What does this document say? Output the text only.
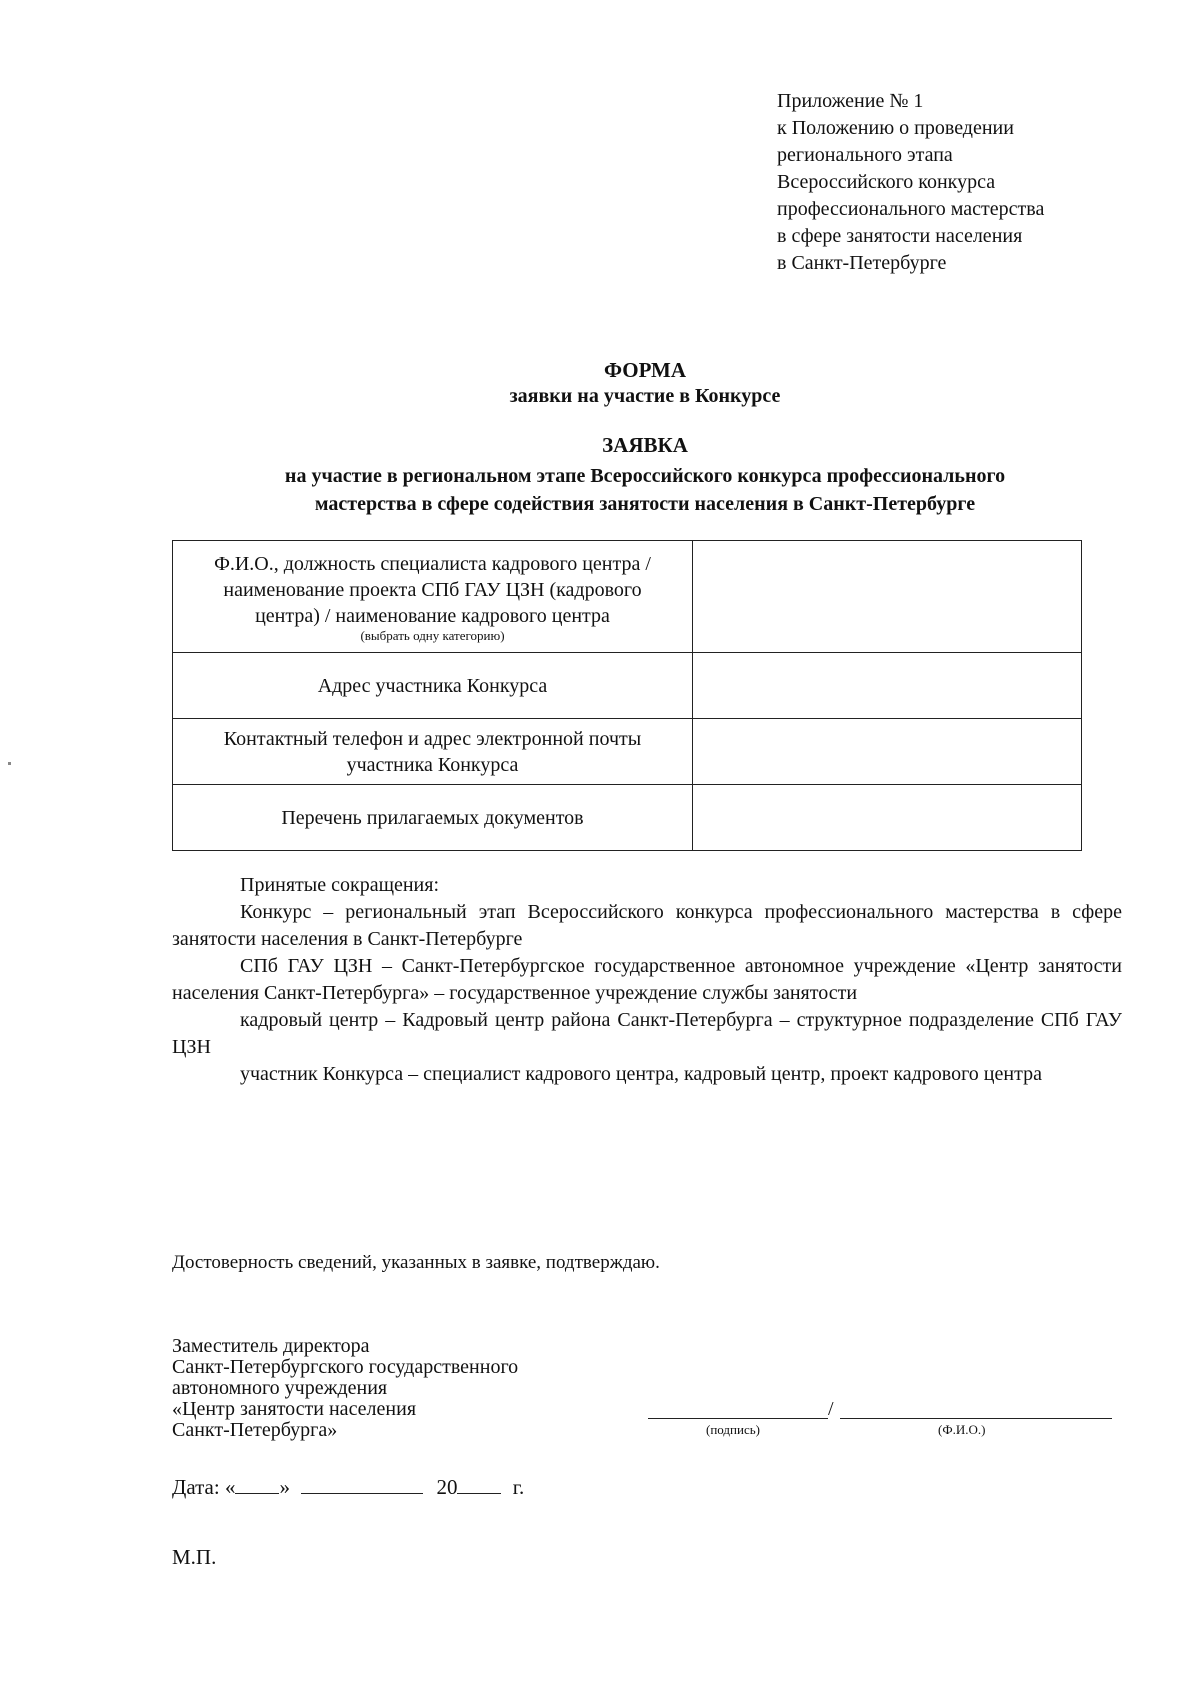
Приложение № 1
к Положению о проведении
регионального этапа
Всероссийского конкурса
профессионального мастерства
в сфере занятости населения
в Санкт-Петербурге
ФОРМА
заявки на участие в Конкурсе
ЗАЯВКА
на участие в региональном этапе Всероссийского конкурса профессионального
мастерства в сфере содействия занятости населения в Санкт-Петербурге
Ф.И.О., должность специалиста кадрового центра /
наименование проекта СПб ГАУ ЦЗН (кадрового
центра) / наименование кадрового центра
(выбрать одну категорию)	

Адрес участника Конкурса	

Контактный телефон и адрес электронной почты
участника Конкурса	

Перечень прилагаемых документов	

Принятые сокращения:

Конкурс – региональный этап Всероссийского конкурса профессионального мастерства в сфере занятости населения в Санкт-Петербурге

СПб ГАУ ЦЗН – Санкт-Петербургское государственное автономное учреждение «Центр занятости населения Санкт-Петербурга» – государственное учреждение службы занятости

кадровый центр – Кадровый центр района Санкт-Петербурга – структурное подразделение СПб ГАУ ЦЗН

участник Конкурса – специалист кадрового центра, кадровый центр, проект кадрового центра

Достоверность сведений, указанных в заявке, подтверждаю.
Заместитель директора
Санкт-Петербургского государственного
автономного учреждения
«Центр занятости населения
Санкт-Петербурга»
/
(подпись)	(Ф.И.О.)
Дата: « »	20	г.
М.П.
